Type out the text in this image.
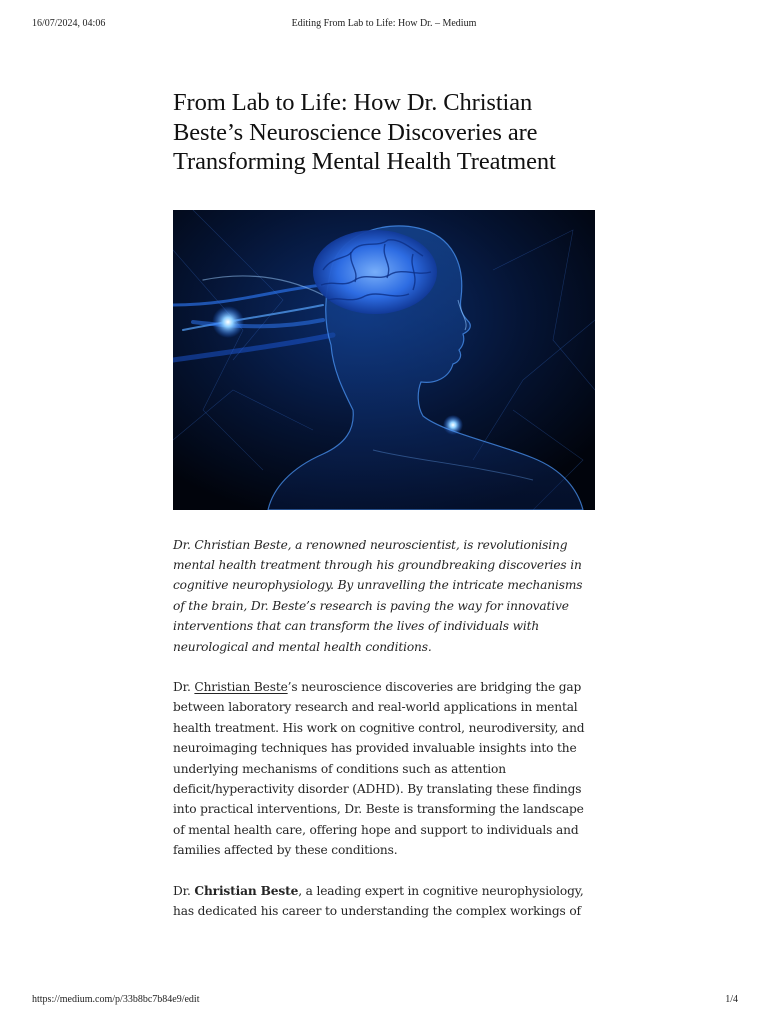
16/07/2024, 04:06	Editing From Lab to Life: How Dr. – Medium
From Lab to Life: How Dr. Christian Beste’s Neuroscience Discoveries are Transforming Mental Health Treatment

Dr. Christian Beste, a renowned neuroscientist, is revolutionising mental health treatment through his groundbreaking discoveries in cognitive neurophysiology. By unravelling the intricate mechanisms of the brain, Dr. Beste’s research is paving the way for innovative interventions that can transform the lives of individuals with neurological and mental health conditions.

Dr. Christian Beste’s neuroscience discoveries are bridging the gap between laboratory research and real-world applications in mental health treatment. His work on cognitive control, neurodiversity, and neuroimaging techniques has provided invaluable insights into the underlying mechanisms of conditions such as attention deficit/hyperactivity disorder (ADHD). By translating these findings into practical interventions, Dr. Beste is transforming the landscape of mental health care, offering hope and support to individuals and families affected by these conditions.

Dr. Christian Beste, a leading expert in cognitive neurophysiology, has dedicated his career to understanding the complex workings of

https://medium.com/p/33b8bc7b84e9/edit	1/4
